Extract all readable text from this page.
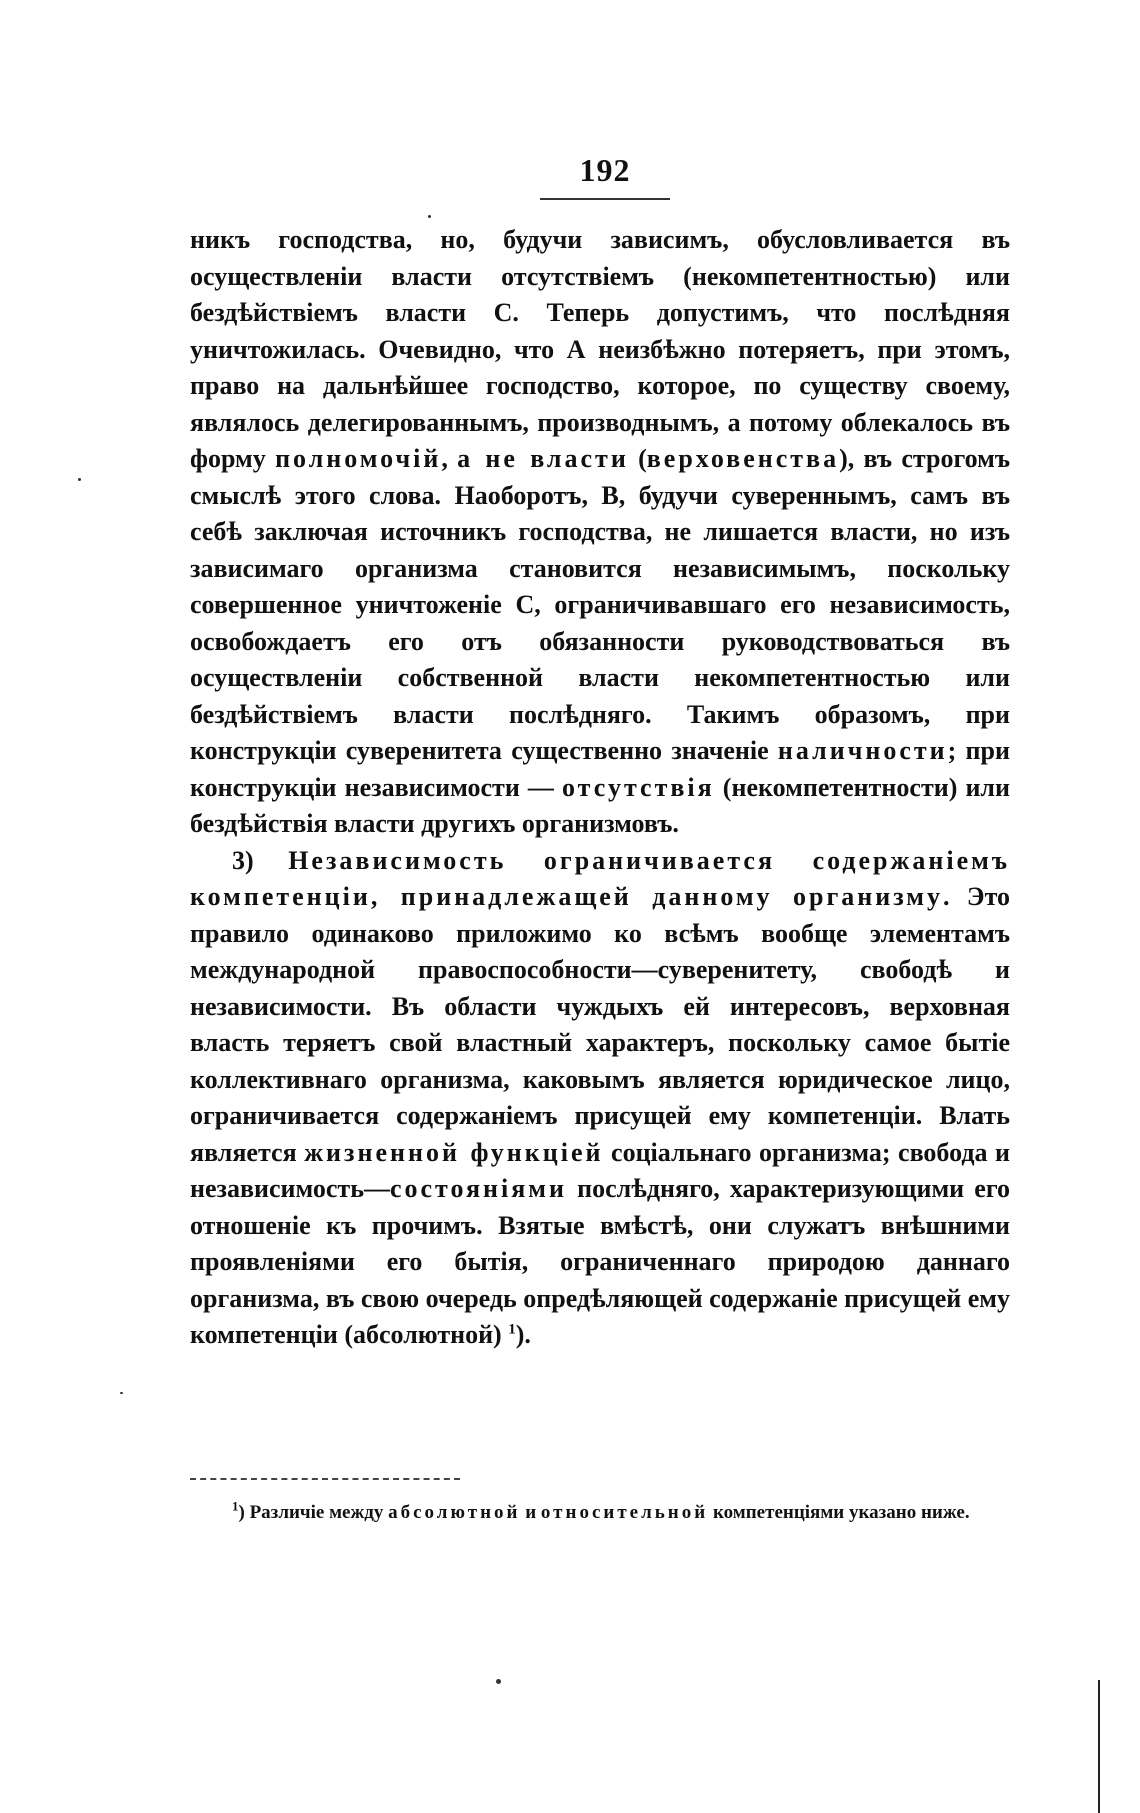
192

никъ господства, но, будучи зависимъ, обусловливается въ осуществленіи власти отсутствіемъ (некомпетентностью) или бездѣйствіемъ власти С. Теперь допустимъ, что послѣдняя уничтожилась. Очевидно, что А неизбѣжно потеряетъ, при этомъ, право на дальнѣйшее господство, которое, по существу своему, являлось делегированнымъ, производнымъ, а потому облекалось въ форму полномочій, а не власти (верховенства), въ строгомъ смыслѣ этого слова. Наоборотъ, В, будучи сувереннымъ, самъ въ себѣ заключая источникъ господства, не лишается власти, но изъ зависимаго организма становится независимымъ, поскольку совершенное уничтоженіе С, ограничивавшаго его независимость, освобождаетъ его отъ обязанности руководствоваться въ осуществленіи собственной власти некомпетентностью или бездѣйствіемъ власти послѣдняго. Такимъ образомъ, при конструкціи суверенитета существенно значеніе наличности; при конструкціи независимости — отсутствія (некомпетентности) или бездѣйствія власти другихъ организмовъ.

3) Независимость ограничивается содержаніемъ компетенціи, принадлежащей данному организму. Это правило одинаково приложимо ко всѣмъ вообще элементамъ международной правоспособности—суверенитету, свободѣ и независимости. Въ области чуждыхъ ей интересовъ, верховная власть теряетъ свой властный характеръ, поскольку самое бытіе коллективнаго организма, каковымъ является юридическое лицо, ограничивается содержаніемъ присущей ему компетенціи. Влать является жизненной функціей соціальнаго организма; свобода и независимость—состояніями послѣдняго, характеризующими его отношеніе къ прочимъ. Взятые вмѣстѣ, они служатъ внѣшними проявленіями его бытія, ограниченнаго природою даннаго организма, въ свою очередь опредѣляющей содержаніе присущей ему компетенціи (абсолютной) $^1$).

$^1$) Различіе между абсолютной и относительной компетенціями указано ниже.
